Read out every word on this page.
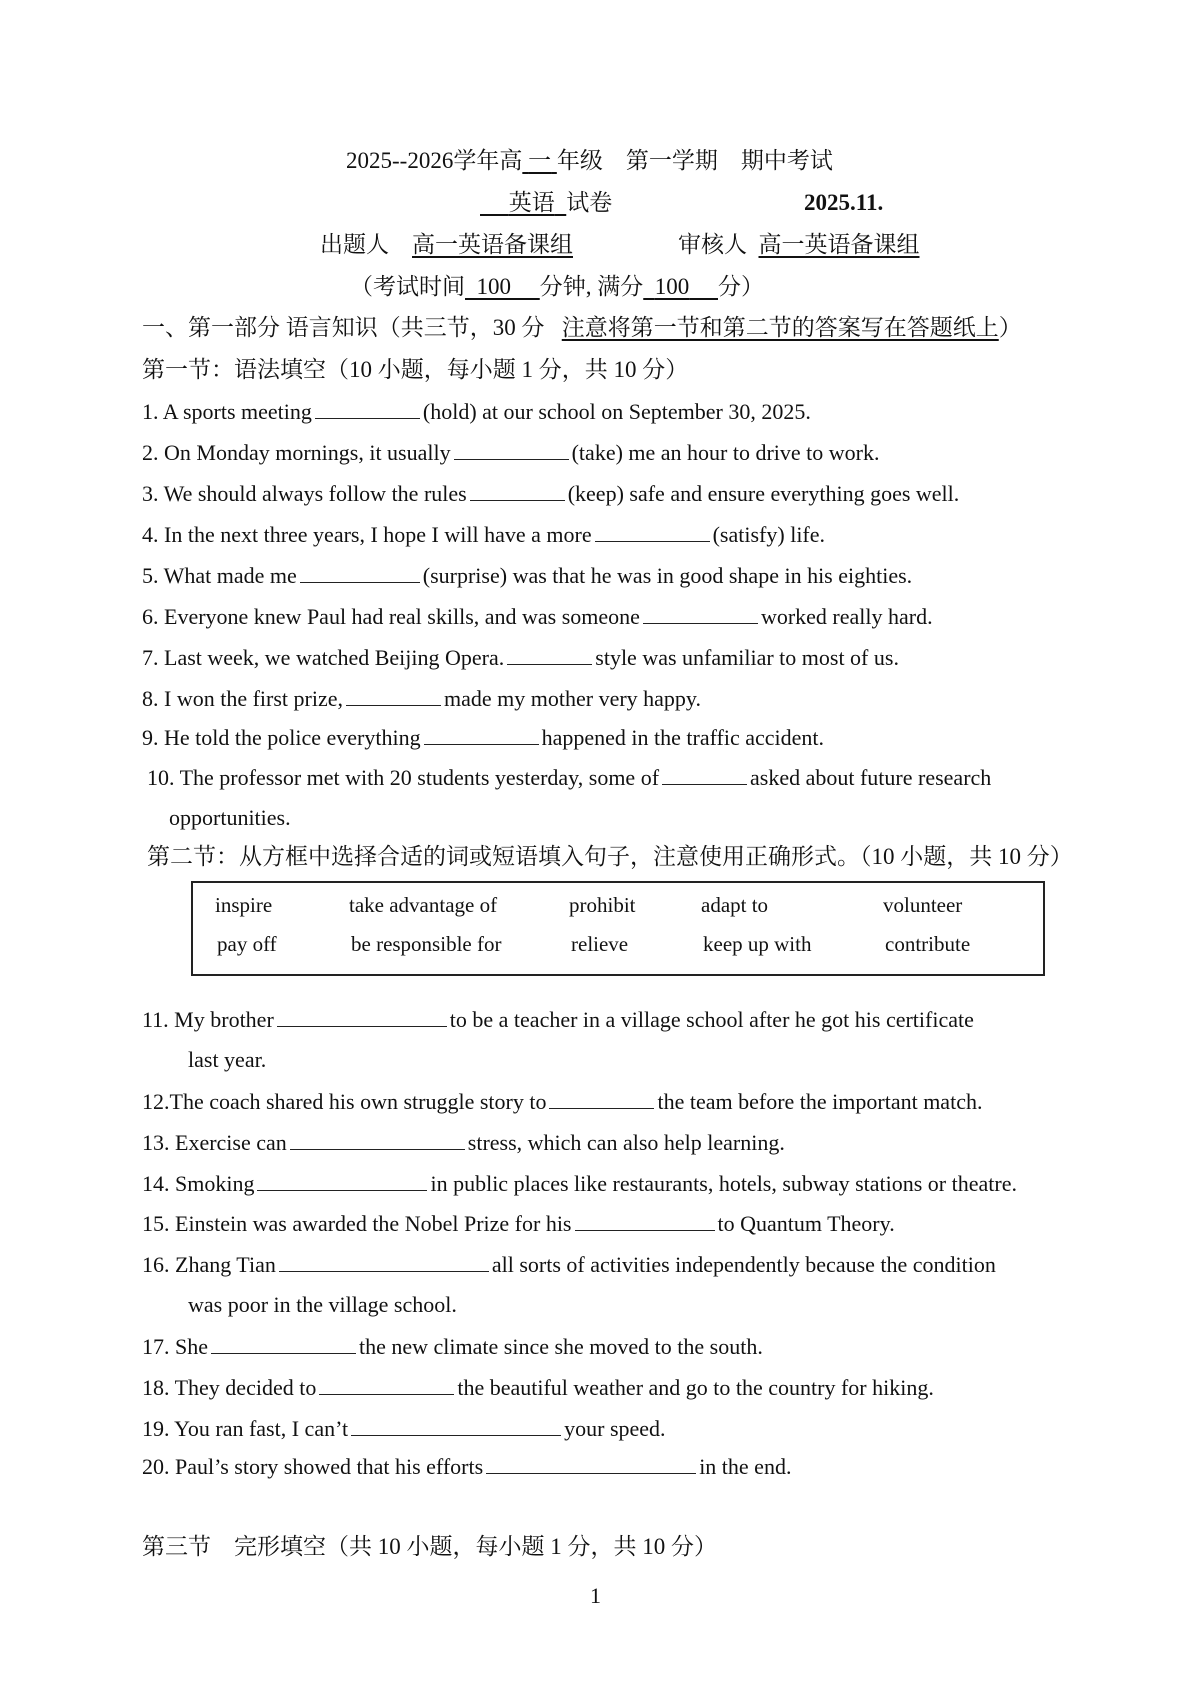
2025--2026学年高 一 年级　第一学期　期中考试
英语 试卷	2025.11.
出题人 高一英语备课组	审核人 高一英语备课组
（考试时间 100 分钟, 满分 100 分）
一、第一部分 语言知识（共三节，30 分 注意将第一节和第二节的答案写在答题纸上）
第一节：语法填空（10 小题，每小题 1 分，共 10 分）
1. A sports meeting	(hold) at our school on September 30, 2025.
2. On Monday mornings, it usually	(take) me an hour to drive to work.
3. We should always follow the rules	(keep) safe and ensure everything goes well.
4. In the next three years, I hope I will have a more	(satisfy) life.
5. What made me	(surprise) was that he was in good shape in his eighties.
6. Everyone knew Paul had real skills, and was someone	worked really hard.
7. Last week, we watched Beijing Opera.	style was unfamiliar to most of us.
8. I won the first prize,	made my mother very happy.
9. He told the police everything	happened in the traffic accident.
10. The professor met with 20 students yesterday, some of	asked about future research
opportunities.
第二节：从方框中选择合适的词或短语填入句子，注意使用正确形式。（10 小题，共 10 分）
inspire	take advantage of	prohibit	adapt to	volunteer
pay off	be responsible for	relieve	keep up with	contribute
11. My brother	to be a teacher in a village school after he got his certificate
last year.
12.The coach shared his own struggle story to	the team before the important match.
13. Exercise can	stress, which can also help learning.
14. Smoking	in public places like restaurants, hotels, subway stations or theatre.
15. Einstein was awarded the Nobel Prize for his	to Quantum Theory.
16. Zhang Tian	all sorts of activities independently because the condition
was poor in the village school.
17. She	the new climate since she moved to the south.
18. They decided to	the beautiful weather and go to the country for hiking.
19. You ran fast, I can’t	your speed.
20. Paul’s story showed that his efforts	in the end.
第三节　完形填空（共 10 小题，每小题 1 分，共 10 分）
1
